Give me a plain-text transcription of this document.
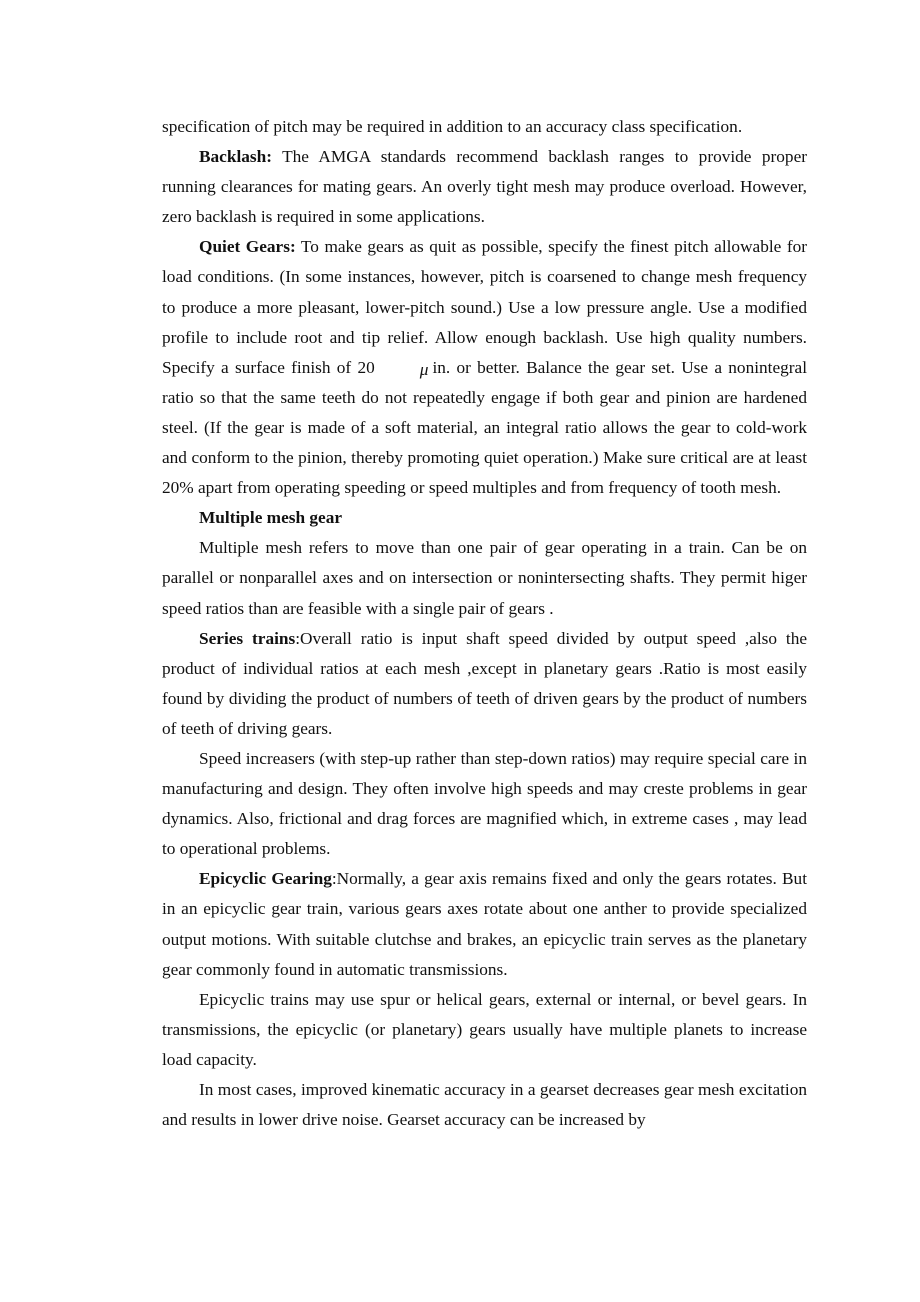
specification of pitch may be required in addition to an accuracy class specification.

Backlash: The AMGA standards recommend backlash ranges to provide proper running clearances for mating gears. An overly tight mesh may produce overload. However, zero backlash is required in some applications.

Quiet Gears: To make gears as quit as possible, specify the finest pitch allowable for load conditions. (In some instances, however, pitch is coarsened to change mesh frequency to produce a more pleasant, lower-pitch sound.) Use a low pressure angle. Use a modified profile to include root and tip relief. Allow enough backlash. Use high quality numbers. Specify a surface finish of 20	μ in. or better. Balance the gear set. Use a nonintegral ratio so that the same teeth do not repeatedly engage if both gear and pinion are hardened steel. (If the gear is made of a soft material, an integral ratio allows the gear to cold-work and conform to the pinion, thereby promoting quiet operation.) Make sure critical are at least 20% apart from operating speeding or speed multiples and from frequency of tooth mesh.

Multiple mesh gear

Multiple mesh refers to move than one pair of gear operating in a train. Can be on parallel or nonparallel axes and on intersection or nonintersecting shafts. They permit higer speed ratios than are feasible with a single pair of gears .

Series trains:Overall ratio is input shaft speed divided by output speed ,also the product of individual ratios at each mesh ,except in planetary gears .Ratio is most easily found by dividing the product of numbers of teeth of driven gears by the product of numbers of teeth of driving gears.

Speed increasers (with step-up rather than step-down ratios) may require special care in manufacturing and design. They often involve high speeds and may creste problems in gear dynamics. Also, frictional and drag forces are magnified which, in extreme cases , may lead to operational problems.

Epicyclic Gearing:Normally, a gear axis remains fixed and only the gears rotates. But in an epicyclic gear train, various gears axes rotate about one anther to provide specialized output motions. With suitable clutchse and brakes, an epicyclic train serves as the planetary gear commonly found in automatic transmissions.

Epicyclic trains may use spur or helical gears, external or internal, or bevel gears. In transmissions, the epicyclic (or planetary) gears usually have multiple planets to increase load capacity.

In most cases, improved kinematic accuracy in a gearset decreases gear mesh excitation and results in lower drive noise. Gearset accuracy can be increased by
